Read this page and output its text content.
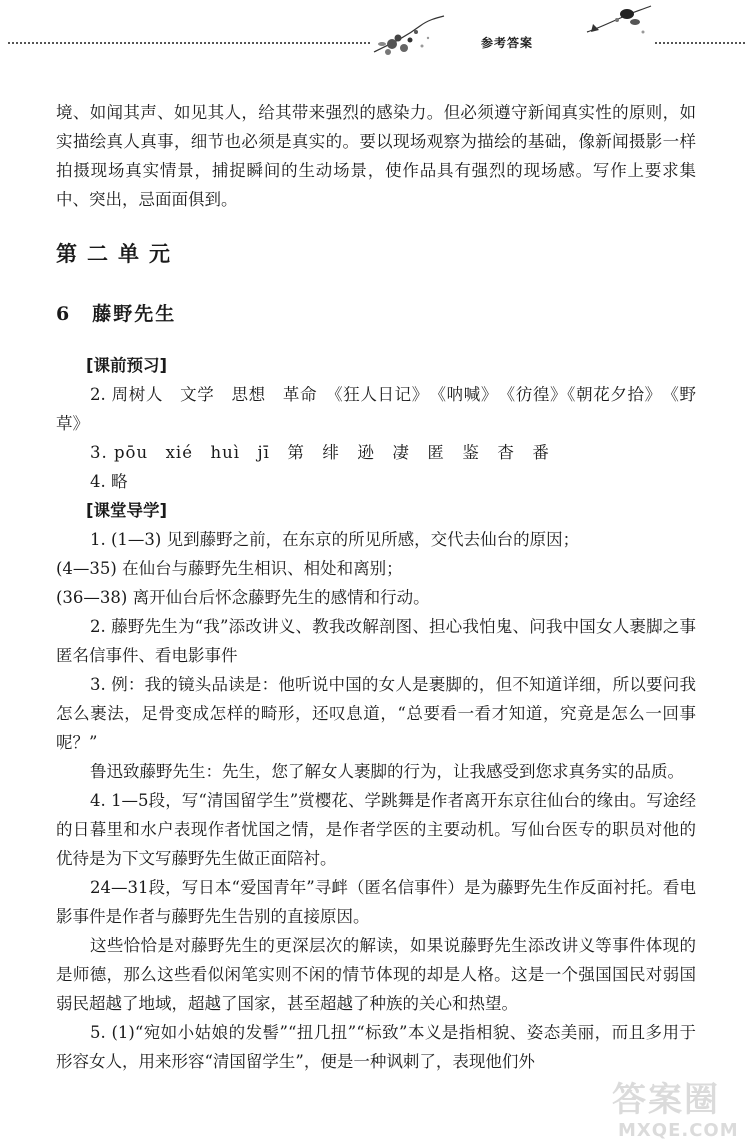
参考答案

境、如闻其声、如见其人，给其带来强烈的感染力。但必须遵守新闻真实性的原则，如实描绘真人真事，细节也必须是真实的。要以现场观察为描绘的基础，像新闻摄影一样拍摄现场真实情景，捕捉瞬间的生动场景，使作品具有强烈的现场感。写作上要求集中、突出，忌面面俱到。

第二单元

6　藤野先生

[课前预习]

2. 周树人　文学　思想　革命　《狂人日记》　《呐喊》　《彷徨》《朝花夕拾》　《野草》

3. pōu　xié　huì　jī　第　绯　逊　凄　匿　鉴　杳　番

4. 略

[课堂导学]

1. (1—3) 见到藤野之前，在东京的所见所感，交代去仙台的原因；

(4—35) 在仙台与藤野先生相识、相处和离别；

(36—38) 离开仙台后怀念藤野先生的感情和行动。

2. 藤野先生为“我”添改讲义、教我改解剖图、担心我怕鬼、问我中国女人裹脚之事　匿名信事件、看电影事件

3. 例：我的镜头品读是：他听说中国的女人是裹脚的，但不知道详细，所以要问我怎么裹法，足骨变成怎样的畸形，还叹息道，“总要看一看才知道，究竟是怎么一回事呢？”

鲁迅致藤野先生：先生，您了解女人裹脚的行为，让我感受到您求真务实的品质。

4. 1—5段，写“清国留学生”赏樱花、学跳舞是作者离开东京往仙台的缘由。写途经的日暮里和水户表现作者忧国之情，是作者学医的主要动机。写仙台医专的职员对他的优待是为下文写藤野先生做正面陪衬。

24—31段，写日本“爱国青年”寻衅（匿名信事件）是为藤野先生作反面衬托。看电影事件是作者与藤野先生告别的直接原因。

这些恰恰是对藤野先生的更深层次的解读，如果说藤野先生添改讲义等事件体现的是师德，那么这些看似闲笔实则不闲的情节体现的却是人格。这是一个强国国民对弱国弱民超越了地域，超越了国家，甚至超越了种族的关心和热望。

5. (1)“宛如小姑娘的发髻”“扭几扭”“标致”本义是指相貌、姿态美丽，而且多用于形容女人，用来形容“清国留学生”，便是一种讽刺了，表现他们外

答案圈
MXQE.COM
